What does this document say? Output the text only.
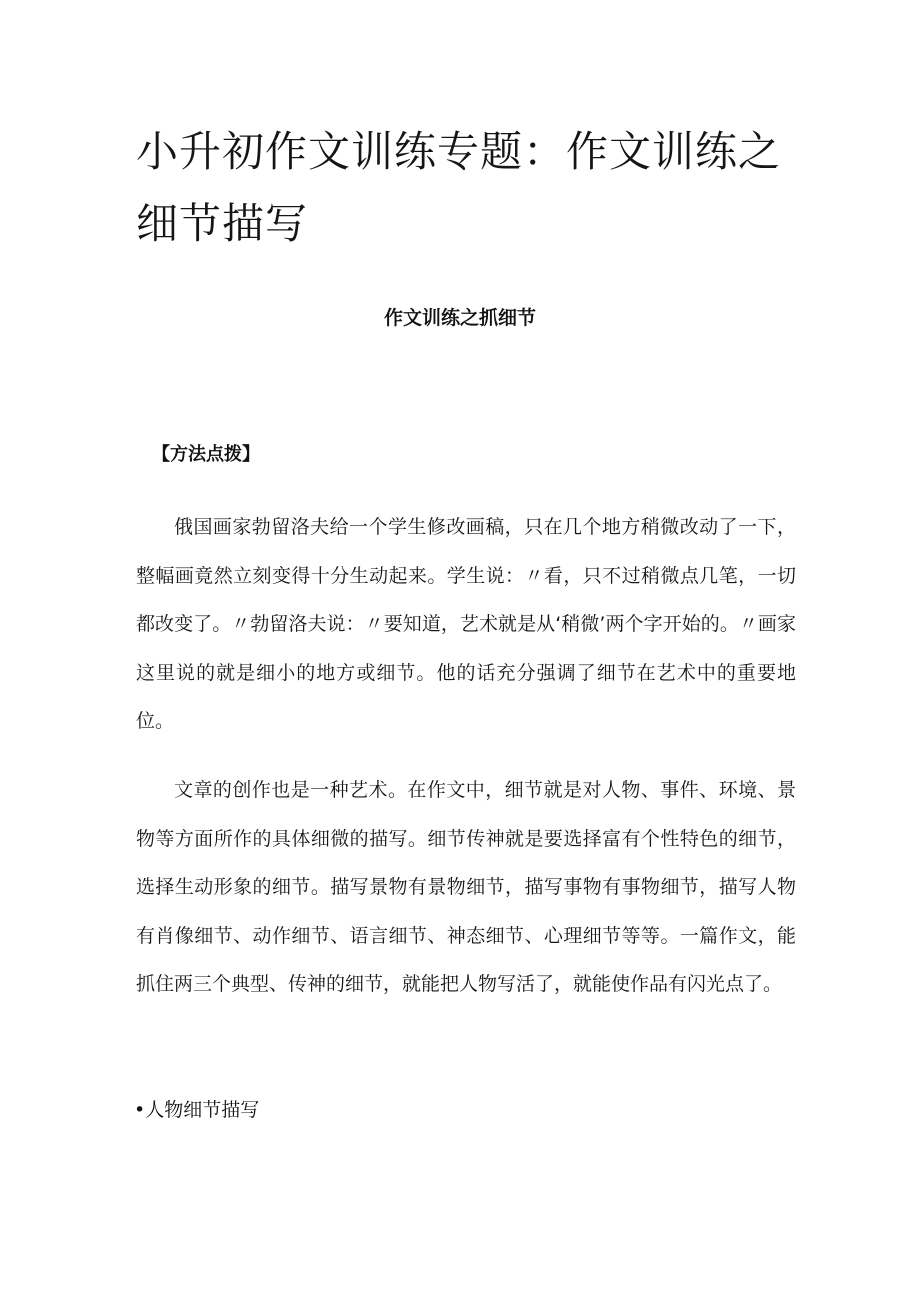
小升初作文训练专题：作文训练之细节描写
作文训练之抓细节
【方法点拨】

俄国画家勃留洛夫给一个学生修改画稿，只在几个地方稍微改动了一下，整幅画竟然立刻变得十分生动起来。学生说：〃看，只不过稍微点几笔，一切都改变了。〃勃留洛夫说：〃要知道，艺术就是从‘稍微’两个字开始的。〃画家这里说的就是细小的地方或细节。他的话充分强调了细节在艺术中的重要地位。

文章的创作也是一种艺术。在作文中，细节就是对人物、事件、环境、景物等方面所作的具体细微的描写。细节传神就是要选择富有个性特色的细节，选择生动形象的细节。描写景物有景物细节，描写事物有事物细节，描写人物有肖像细节、动作细节、语言细节、神态细节、心理细节等等。一篇作文，能抓住两三个典型、传神的细节，就能把人物写活了，就能使作品有闪光点了。

•人物细节描写
